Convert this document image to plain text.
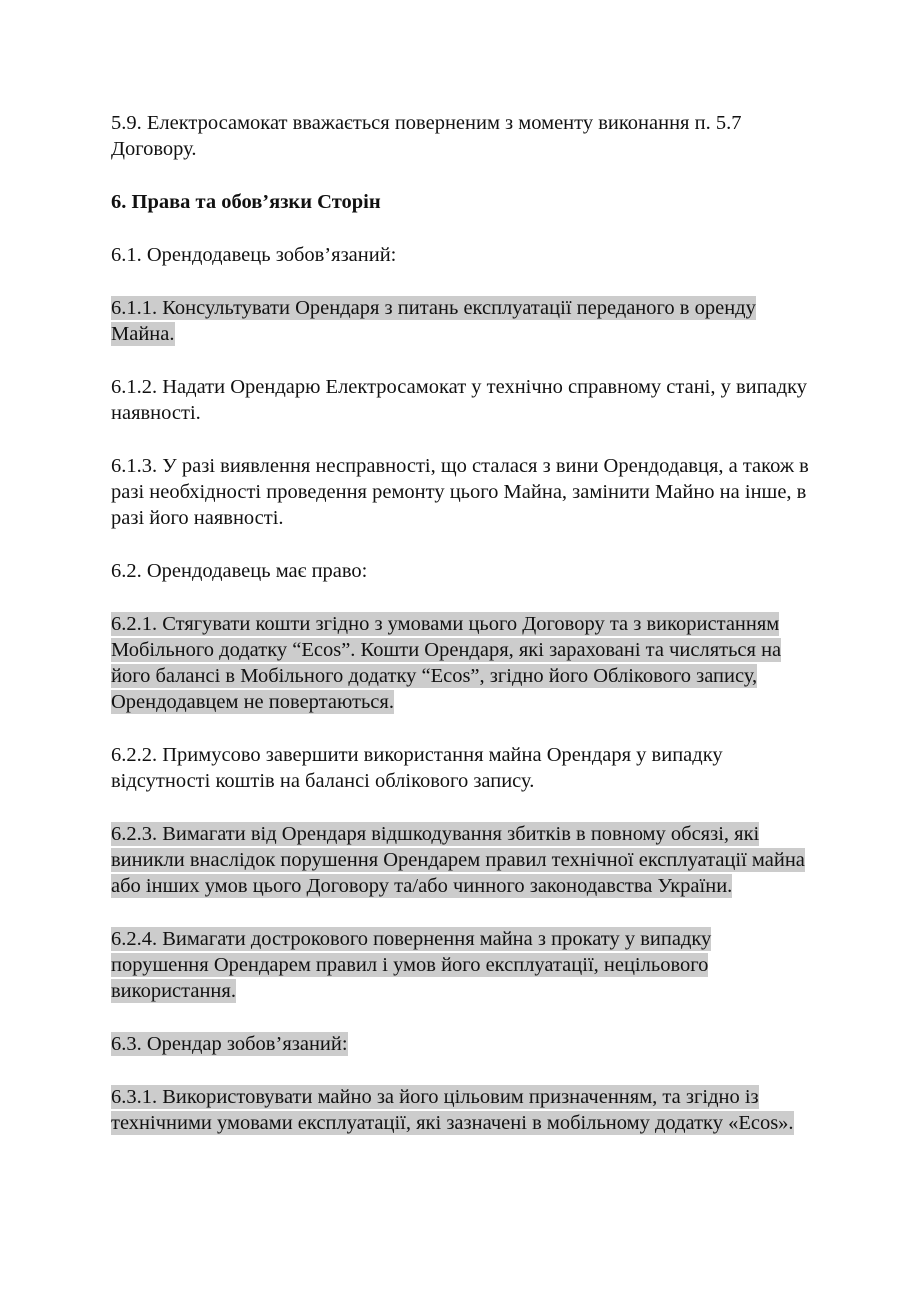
5.9. Електросамокат вважається поверненим з моменту виконання п. 5.7 Договору.

6. Права та обов’язки Сторін

6.1. Орендодавець зобов’язаний:

6.1.1. Консультувати Орендаря з питань експлуатації переданого в оренду Майна.

6.1.2. Надати Орендарю Електросамокат у технічно справному стані, у випадку наявності.

6.1.3. У разі виявлення несправності, що сталася з вини Орендодавця, а також в разі необхідності проведення ремонту цього Майна, замінити Майно на інше, в разі його наявності.

6.2. Орендодавець має право:

6.2.1. Стягувати кошти згідно з умовами цього Договору та з використанням Мобільного додатку “Ecos”. Кошти Орендаря, які зараховані та числяться на його балансі в Мобільного додатку “Ecos”, згідно його Облікового запису, Орендодавцем не повертаються.

6.2.2. Примусово завершити використання майна Орендаря у випадку відсутності коштів на балансі облікового запису.

6.2.3. Вимагати від Орендаря відшкодування збитків в повному обсязі, які виникли внаслідок порушення Орендарем правил технічної експлуатації майна або інших умов цього Договору та/або чинного законодавства України.

6.2.4. Вимагати дострокового повернення майна з прокату у випадку порушення Орендарем правил і умов його експлуатації, нецільового використання.

6.3. Орендар зобов’язаний:

6.3.1. Використовувати майно за його цільовим призначенням, та згідно із технічними умовами експлуатації, які зазначені в мобільному додатку «Ecos».
